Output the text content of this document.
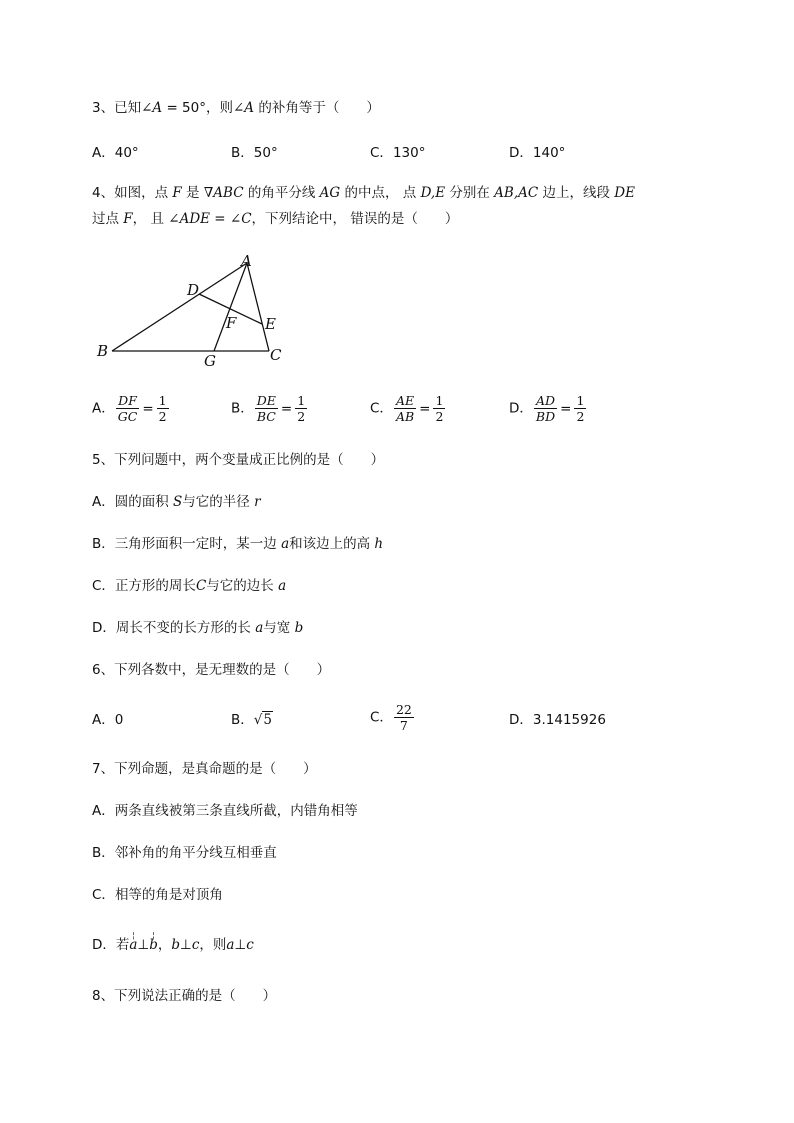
3、已知∠A = 50°，则∠A 的补角等于（　　）
A．40°	B．50°	C．130°	D．140°
4、如图，点 F 是 ∇ABC 的角平分线 AG 的中点， 点 D,E 分别在 AB,AC 边上，线段 DE
过点 F， 且 ∠ADE = ∠C，下列结论中， 错误的是（　　）
A
B	C
D
E
F
G
A． $\frac{DF}{GC} = \frac{1}{2}$	B． $\frac{DE}{BC} = \frac{1}{2}$	C． $\frac{AE}{AB} = \frac{1}{2}$	D． $\frac{AD}{BD} = \frac{1}{2}$
5、下列问题中，两个变量成正比例的是（　　）
A．圆的面积 S与它的半径 r
B．三角形面积一定时，某一边 a和该边上的高 h
C．正方形的周长C与它的边长 a
D．周长不变的长方形的长 a与宽 b
6、下列各数中，是无理数的是（　　）
A．0	B．√5	C． $\frac{22}{7}$	D．3.1415926
7、下列命题，是真命题的是（　　）
A．两条直线被第三条直线所截，内错角相等
B．邻补角的角平分线互相垂直
C．相等的角是对顶角
D．若¦ a⊥¦ b，b⊥c，则a⊥c
8、下列说法正确的是（　　）
